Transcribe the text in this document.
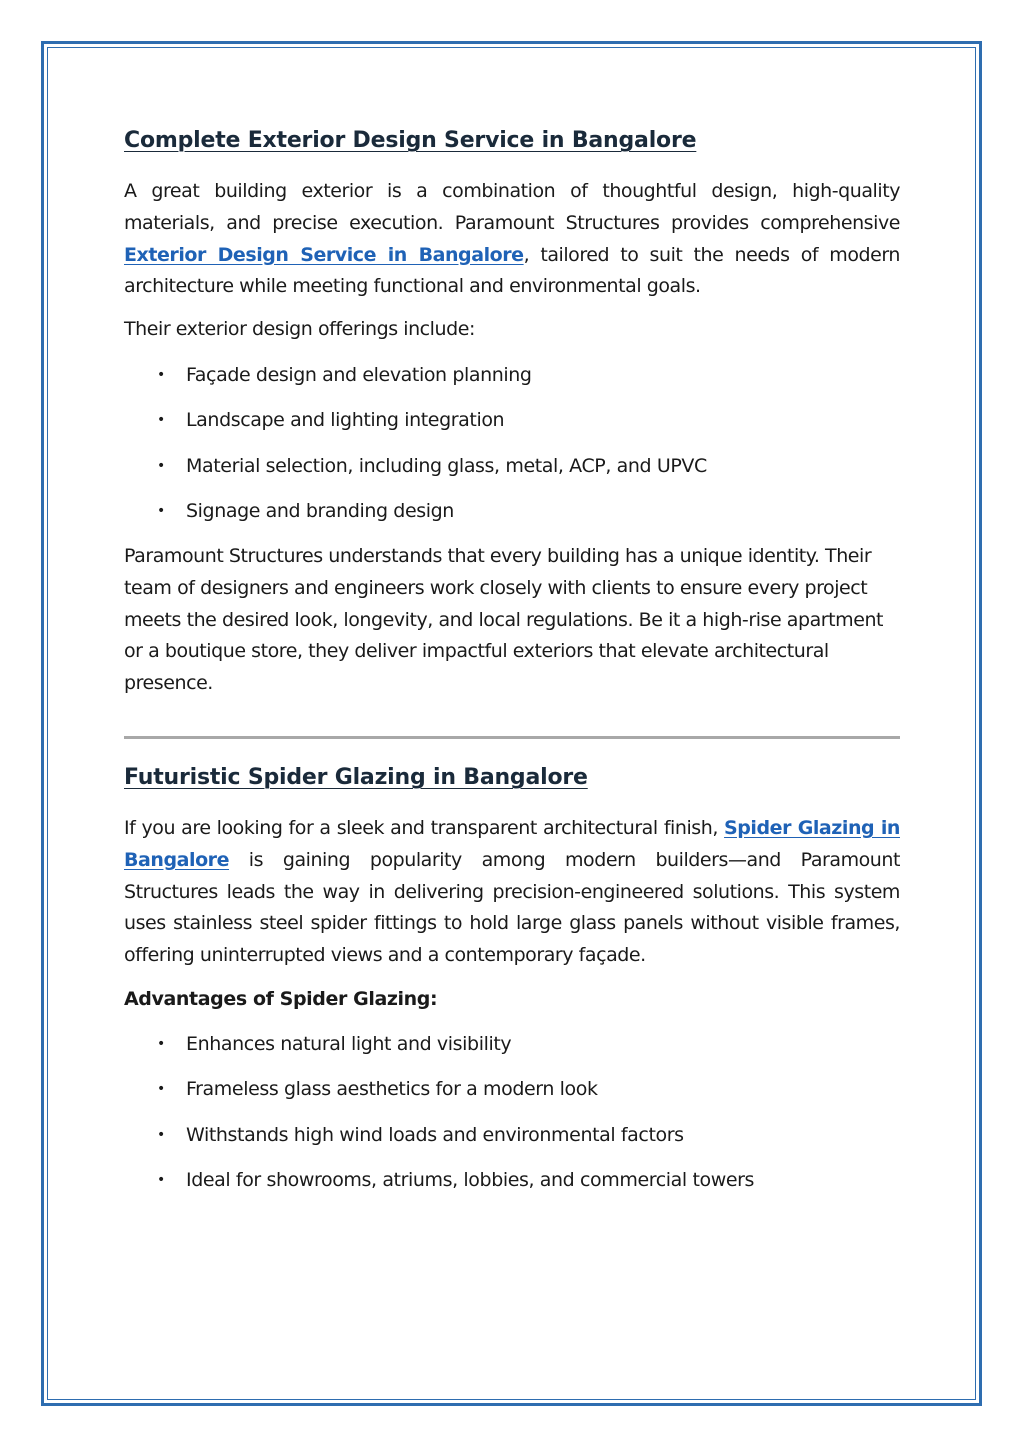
Complete Exterior Design Service in Bangalore

A great building exterior is a combination of thoughtful design, high-quality materials, and precise execution. Paramount Structures provides comprehensive Exterior Design Service in Bangalore, tailored to suit the needs of modern architecture while meeting functional and environmental goals.

Their exterior design offerings include:

• Façade design and elevation planning
• Landscape and lighting integration
• Material selection, including glass, metal, ACP, and UPVC
• Signage and branding design

Paramount Structures understands that every building has a unique identity. Their team of designers and engineers work closely with clients to ensure every project meets the desired look, longevity, and local regulations. Be it a high-rise apartment or a boutique store, they deliver impactful exteriors that elevate architectural presence.

Futuristic Spider Glazing in Bangalore

If you are looking for a sleek and transparent architectural finish, Spider Glazing in Bangalore is gaining popularity among modern builders—and Paramount Structures leads the way in delivering precision-engineered solutions. This system uses stainless steel spider fittings to hold large glass panels without visible frames, offering uninterrupted views and a contemporary façade.

Advantages of Spider Glazing:

• Enhances natural light and visibility
• Frameless glass aesthetics for a modern look
• Withstands high wind loads and environmental factors
• Ideal for showrooms, atriums, lobbies, and commercial towers
